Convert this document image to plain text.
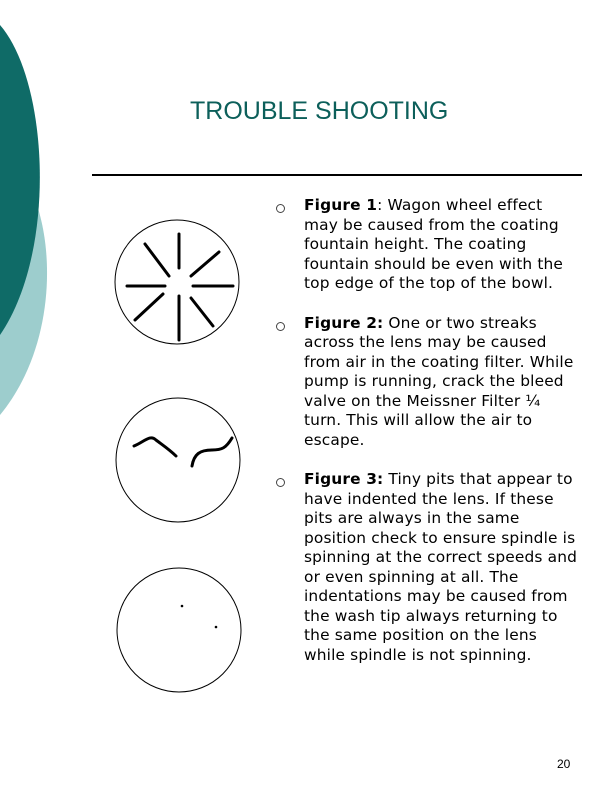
TROUBLE SHOOTING

Figure 1: Wagon wheel effect may be caused from the coating fountain height. The coating fountain should be even with the top edge of the top of the bowl.

Figure 2: One or two streaks across the lens may be caused from air in the coating filter. While pump is running, crack the bleed valve on the Meissner Filter ¼ turn. This will allow the air to escape.

Figure 3: Tiny pits that appear to have indented the lens. If these pits are always in the same position check to ensure spindle is spinning at the correct speeds and or even spinning at all. The indentations may be caused from the wash tip always returning to the same position on the lens while spindle is not spinning.

20
